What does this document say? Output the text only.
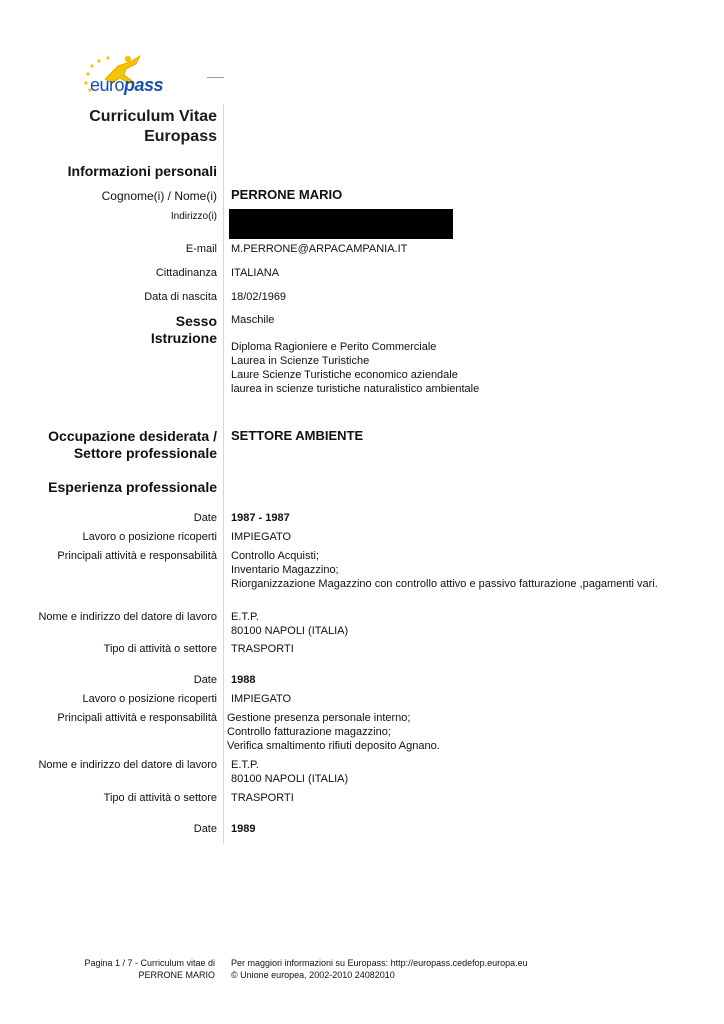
europass
Curriculum Vitae
Europass
Informazioni personali
Cognome(i) / Nome(i) PERRONE MARIO
Indirizzo(i)
E-mail M.PERRONE@ARPACAMPANIA.IT
Cittadinanza ITALIANA
Data di nascita 18/02/1969
Sesso Maschile
Istruzione
Diploma Ragioniere e Perito Commerciale
Laurea in Scienze Turistiche
Laure Scienze Turistiche economico aziendale
laurea in scienze turistiche naturalistico ambientale
Occupazione desiderata /
Settore professionale
SETTORE AMBIENTE
Esperienza professionale
Date 1987 - 1987
Lavoro o posizione ricoperti IMPIEGATO
Principali attività e responsabilità Controllo Acquisti;
Inventario Magazzino;
Riorganizzazione Magazzino con controllo attivo e passivo fatturazione ,pagamenti vari.
Nome e indirizzo del datore di lavoro E.T.P.
80100 NAPOLI (ITALIA)
Tipo di attività o settore TRASPORTI
Date 1988
Lavoro o posizione ricoperti IMPIEGATO
Principali attività e responsabilità Gestione presenza personale interno;
Controllo fatturazione magazzino;
Verifica smaltimento rifiuti deposito Agnano.
Nome e indirizzo del datore di lavoro E.T.P.
80100 NAPOLI (ITALIA)
Tipo di attività o settore TRASPORTI
Date 1989
Pagina 1 / 7 - Curriculum vitae di
PERRONE MARIO
Per maggiori informazioni su Europass: http://europass.cedefop.europa.eu
© Unione europea, 2002-2010 24082010
